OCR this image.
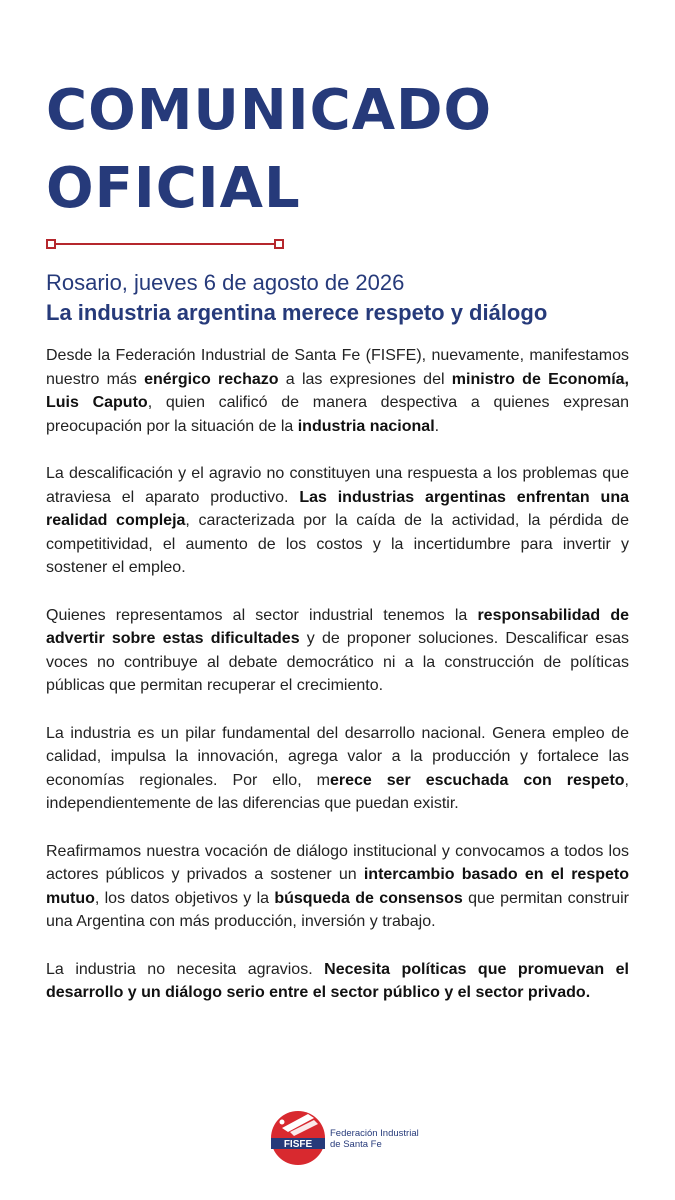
COMUNICADO
OFICIAL

Rosario, jueves 6 de agosto de 2026

La industria argentina merece respeto y diálogo

Desde la Federación Industrial de Santa Fe (FISFE), nuevamente, manifestamos nuestro más enérgico rechazo a las expresiones del ministro de Economía, Luis Caputo, quien calificó de manera despectiva a quienes expresan preocupación por la situación de la industria nacional.

La descalificación y el agravio no constituyen una respuesta a los problemas que atraviesa el aparato productivo. Las industrias argentinas enfrentan una realidad compleja, caracterizada por la caída de la actividad, la pérdida de competitividad, el aumento de los costos y la incertidumbre para invertir y sostener el empleo.

Quienes representamos al sector industrial tenemos la responsabilidad de advertir sobre estas dificultades y de proponer soluciones. Descalificar esas voces no contribuye al debate democrático ni a la construcción de políticas públicas que permitan recuperar el crecimiento.

La industria es un pilar fundamental del desarrollo nacional. Genera empleo de calidad, impulsa la innovación, agrega valor a la producción y fortalece las economías regionales. Por ello, merece ser escuchada con respeto, independientemente de las diferencias que puedan existir.

Reafirmamos nuestra vocación de diálogo institucional y convocamos a todos los actores públicos y privados a sostener un intercambio basado en el respeto mutuo, los datos objetivos y la búsqueda de consensos que permitan construir una Argentina con más producción, inversión y trabajo.

La industria no necesita agravios. Necesita políticas que promuevan el desarrollo y un diálogo serio entre el sector público y el sector privado.

FISFE
Federación Industrial
de Santa Fe
